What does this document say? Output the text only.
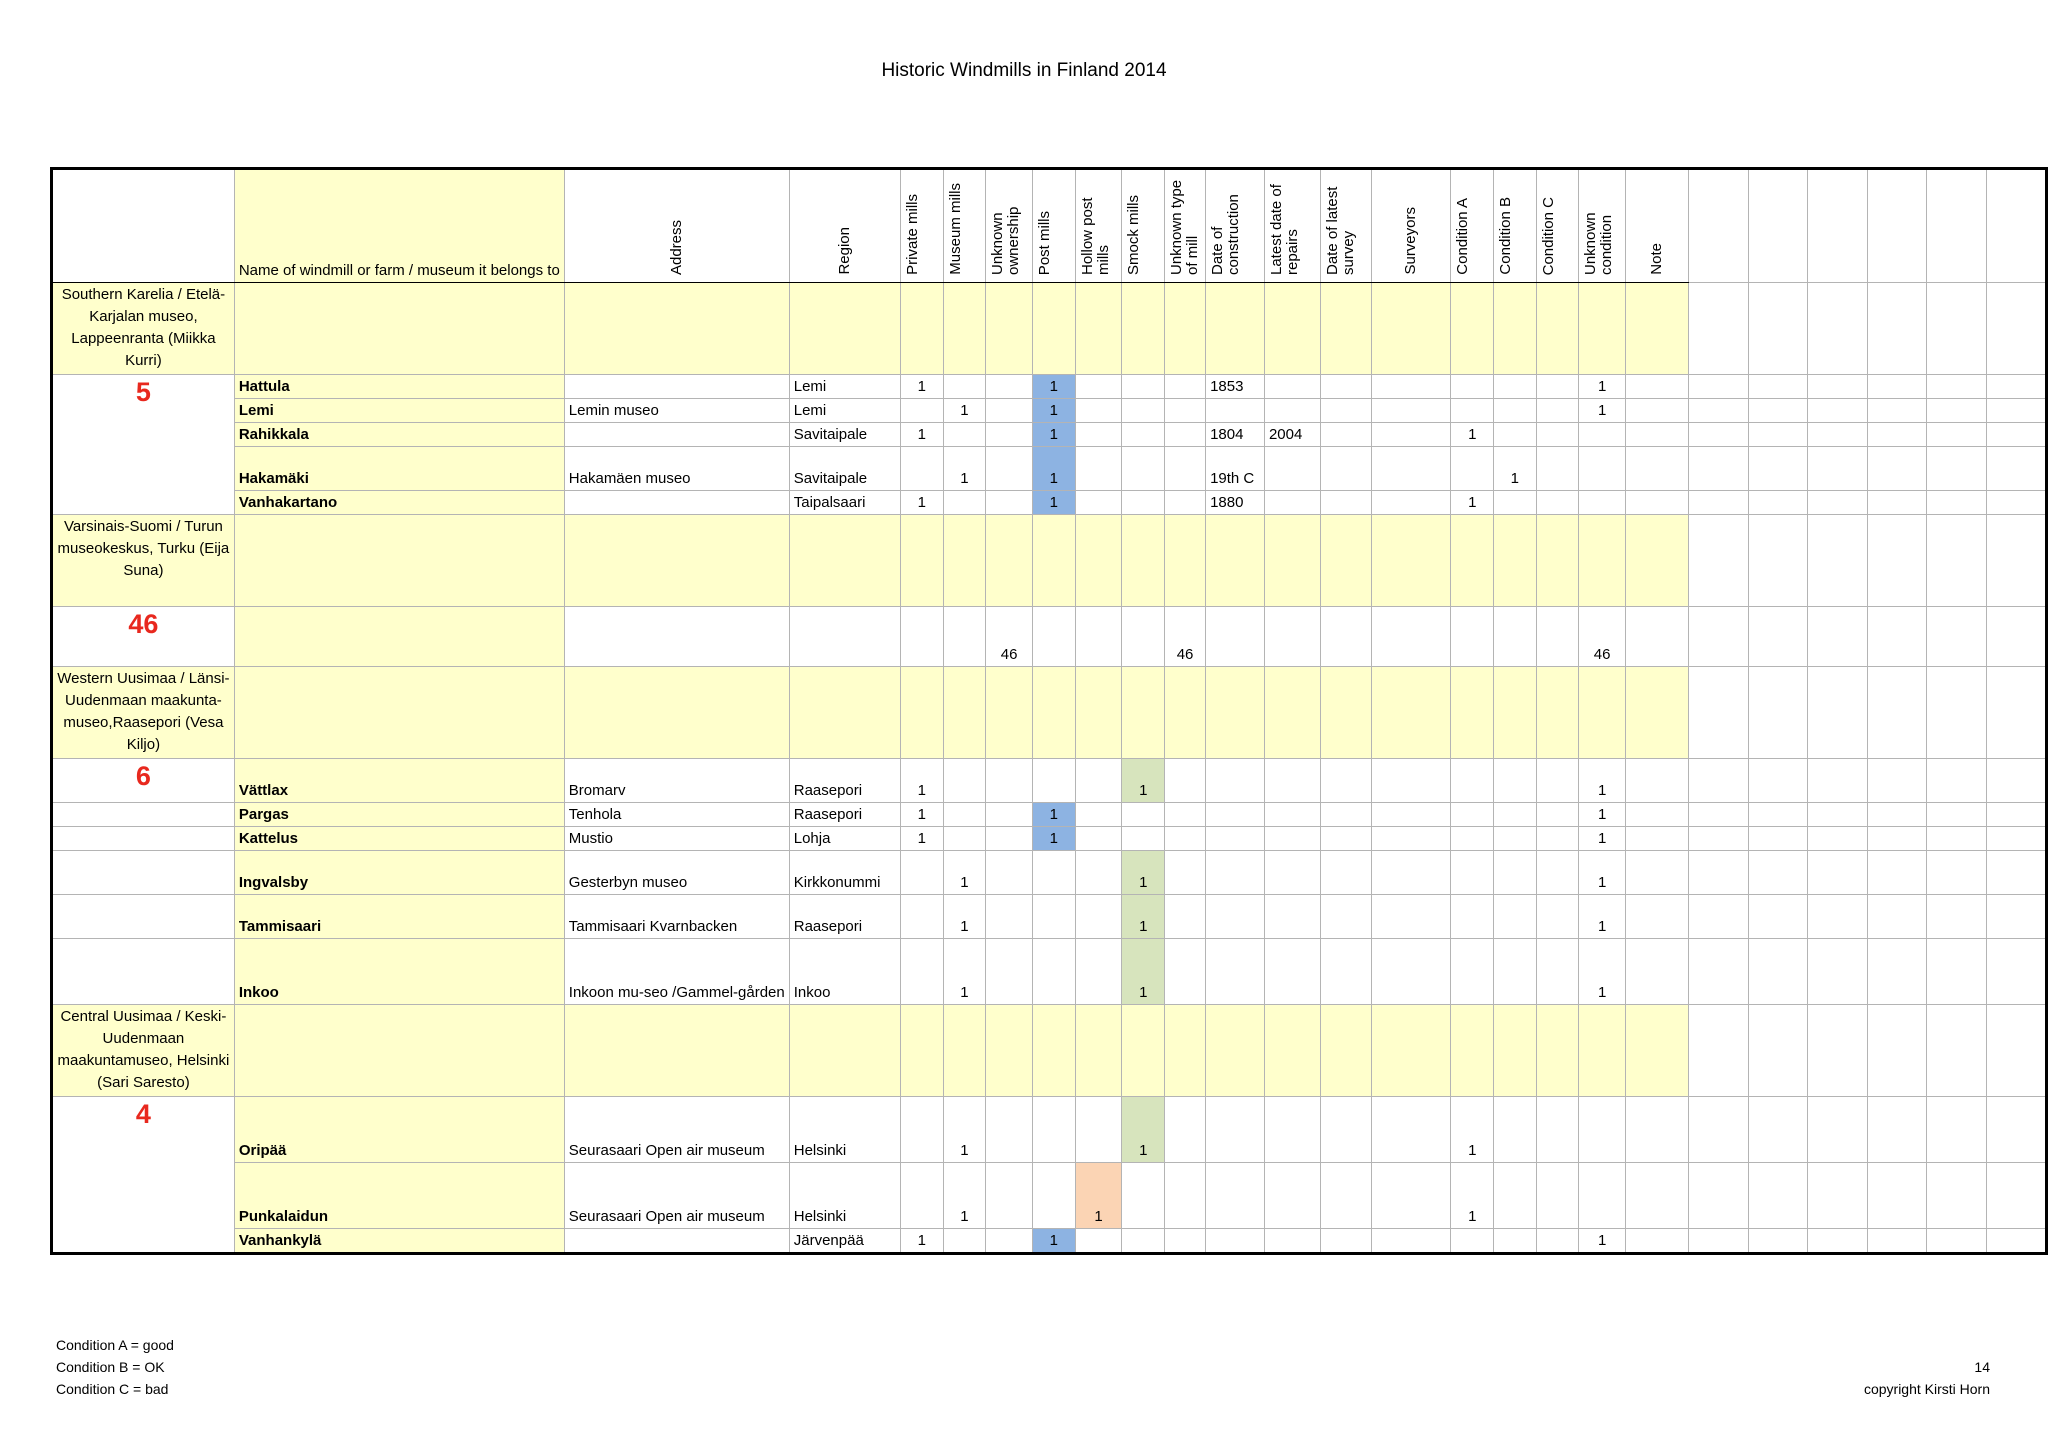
Historic Windmills in Finland 2014
	Name of windmill or farm / museum it belongs to	Address	Region	Private mills	Museum mills	Unknown ownership	Post mills	Hollow post mills	Smock mills	Unknown type of mill	Date of construction	Latest date of repairs	Date of latest survey	Surveyors	Condition A	Condition B	Condition C	Unknown condition	Note						
Southern Karelia / Etelä-Karjalan museo, Lappeenranta (Miikka Kurri)																									
5	Hattula		Lemi	1			1				1853							1							
	Lemi	Lemin museo	Lemi		1		1											1							
	Rahikkala		Savitaipale	1			1				1804	2004			1										
	Hakamäki	Hakamäen museo	Savitaipale		1		1				19th C					1									
	Vanhakartano		Taipalsaari	1			1				1880				1										
Varsinais-Suomi / Turun museokeskus, Turku (Eija Suna)																									
46						46				46								46							
Western Uusimaa / Länsi-Uudenmaan maakunta-museo,Raasepori (Vesa Kiljo)																									
6	Vättlax	Bromarv	Raasepori	1					1									1							
	Pargas	Tenhola	Raasepori	1			1											1							
	Kattelus	Mustio	Lohja	1			1											1							
	Ingvalsby	Gesterbyn museo	Kirkkonummi		1				1									1							
	Tammisaari	Tammisaari Kvarnbacken	Raasepori		1				1									1							
	Inkoo	Inkoon mu-seo /Gammel-gården	Inkoo		1				1									1							
Central Uusimaa / Keski-Uudenmaan maakuntamuseo, Helsinki (Sari Saresto)																									
4	Oripää	Seurasaari Open air museum	Helsinki		1				1						1										
	Punkalaidun	Seurasaari Open air museum	Helsinki		1			1							1										
	Vanhankylä		Järvenpää	1			1											1							
Condition A = good
Condition B = OK
Condition C = bad
14
copyright Kirsti Horn
